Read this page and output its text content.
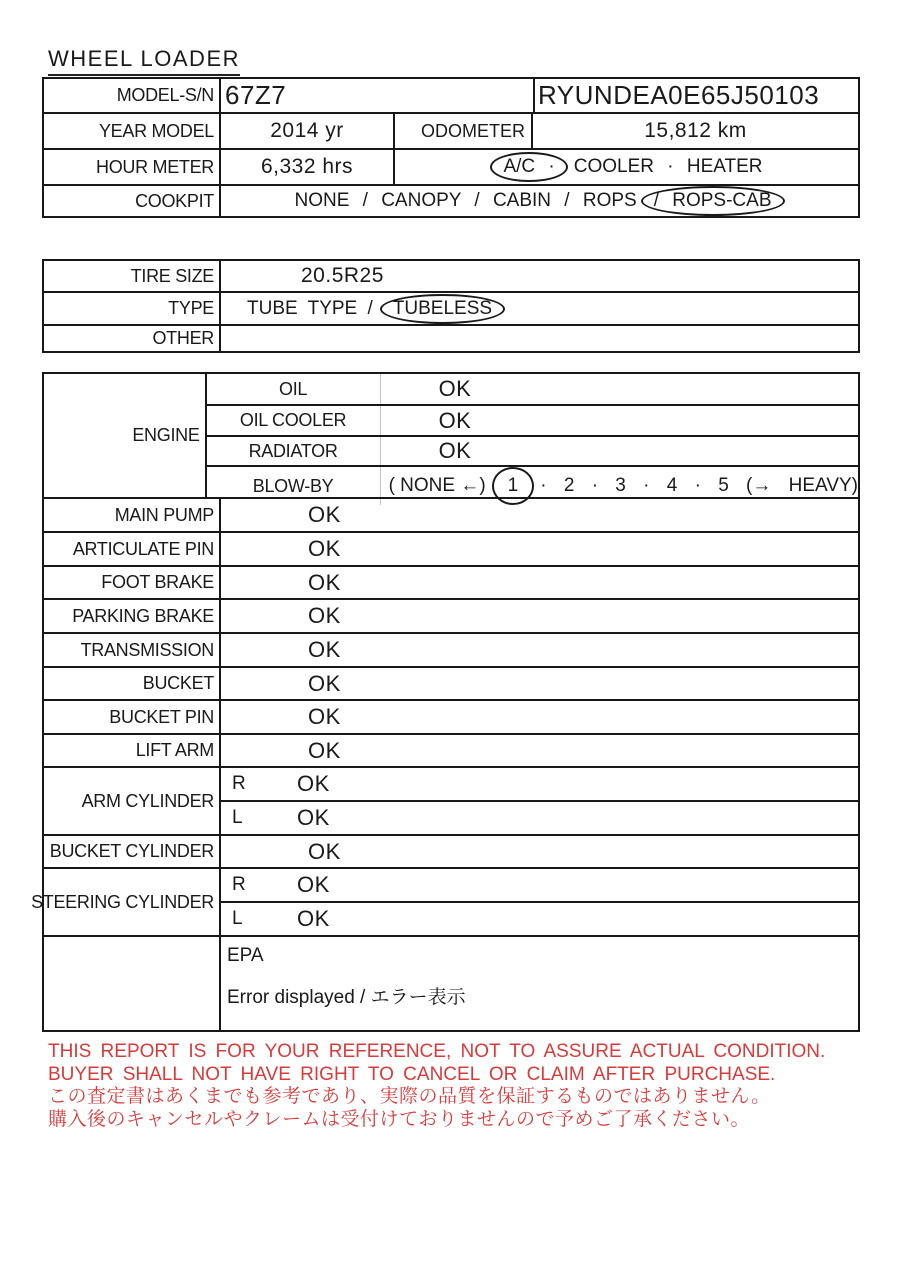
WHEEL LOADER
MODEL-S/N 67Z7	RYUNDEA0E65J50103
YEAR MODEL	2014 yr	ODOMETER	15,812 km
HOUR METER	6,332 hrs	A/C ·	COOLER · HEATER
COOKPIT	NONE / CANOPY / CABIN / ROPS / ROPS-CAB
TIRE SIZE	20.5R25
TYPE	TUBE TYPE /	TUBELESS
OTHER
ENGINE
OIL	OK
OIL COOLER	OK
RADIATOR	OK
BLOW-BY	( NONE ←)	1	· 2 · 3 · 4 · 5 (→ HEAVY)
MAIN PUMP	OK
ARTICULATE PIN	OK
FOOT BRAKE	OK
PARKING BRAKE	OK
TRANSMISSION	OK
BUCKET	OK
BUCKET PIN	OK
LIFT ARM	OK
ARM CYLINDER
R	OK
L	OK
BUCKET CYLINDER	OK
STEERING CYLINDER
R	OK
L	OK
EPA
Error displayed / エラー表示
THIS REPORT IS FOR YOUR REFERENCE, NOT TO ASSURE ACTUAL CONDITION.
BUYER SHALL NOT HAVE RIGHT TO CANCEL OR CLAIM AFTER PURCHASE.
この査定書はあくまでも参考であり、実際の品質を保証するものではありません。
購入後のキャンセルやクレームは受付けておりませんので予めご了承ください。
